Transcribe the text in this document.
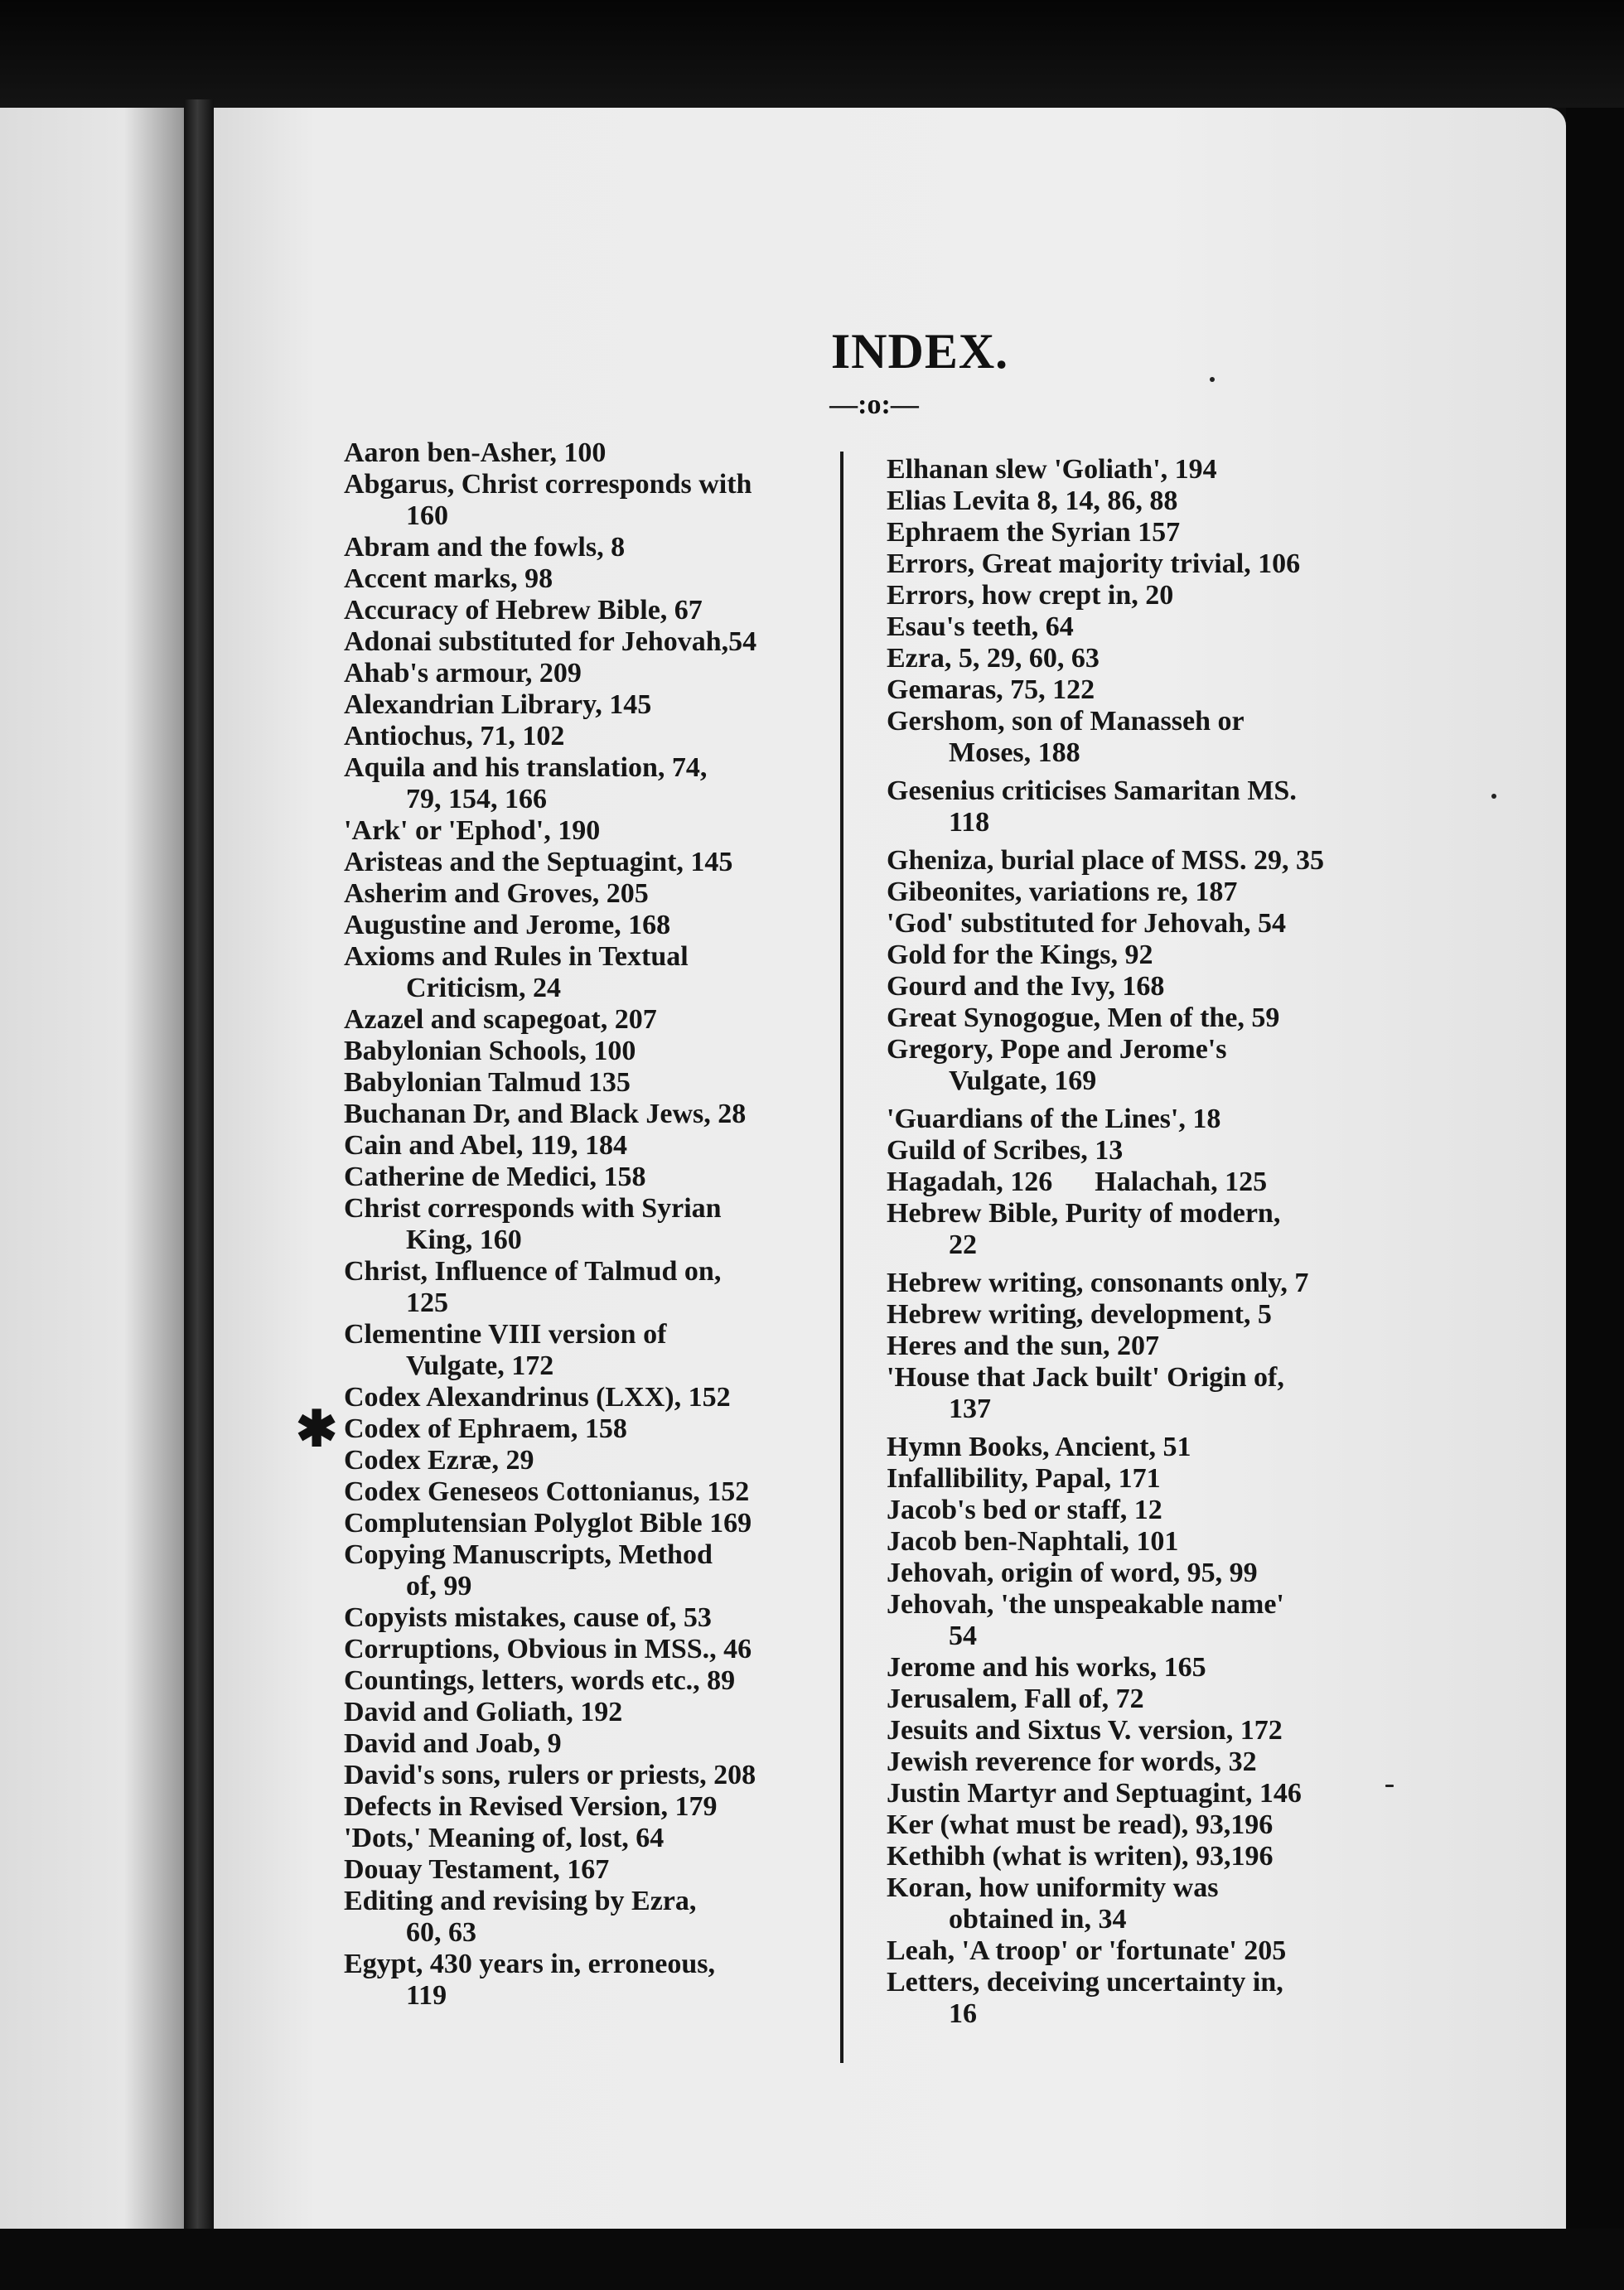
INDEX.
—:o:—
✱
Aaron ben-Asher, 100
Abgarus, Christ corresponds with
160
Abram and the fowls, 8
Accent marks, 98
Accuracy of Hebrew Bible, 67
Adonai substituted for Jehovah,54
Ahab's armour, 209
Alexandrian Library, 145
Antiochus, 71, 102
Aquila and his translation, 74,
79, 154, 166
'Ark' or 'Ephod', 190
Aristeas and the Septuagint, 145
Asherim and Groves, 205
Augustine and Jerome, 168
Axioms and Rules in Textual
Criticism, 24
Azazel and scapegoat, 207
Babylonian Schools, 100
Babylonian Talmud 135
Buchanan Dr, and Black Jews, 28
Cain and Abel, 119, 184
Catherine de Medici, 158
Christ corresponds with Syrian
King, 160
Christ, Influence of Talmud on,
125
Clementine VIII version of
Vulgate, 172
Codex Alexandrinus (LXX), 152
Codex of Ephraem, 158
Codex Ezræ, 29
Codex Geneseos Cottonianus, 152
Complutensian Polyglot Bible 169
Copying Manuscripts, Method
of, 99
Copyists mistakes, cause of, 53
Corruptions, Obvious in MSS., 46
Countings, letters, words etc., 89
David and Goliath, 192
David and Joab, 9
David's sons, rulers or priests, 208
Defects in Revised Version, 179
'Dots,' Meaning of, lost, 64
Douay Testament, 167
Editing and revising by Ezra,
60, 63
Egypt, 430 years in, erroneous,
119
Elhanan slew 'Goliath', 194
Elias Levita 8, 14, 86, 88
Ephraem the Syrian 157
Errors, Great majority trivial, 106
Errors, how crept in, 20
Esau's teeth, 64
Ezra, 5, 29, 60, 63
Gemaras, 75, 122
Gershom, son of Manasseh or
Moses, 188
Gesenius criticises Samaritan MS.
118
Gheniza, burial place of MSS. 29, 35
Gibeonites, variations re, 187
'God' substituted for Jehovah, 54
Gold for the Kings, 92
Gourd and the Ivy, 168
Great Synogogue, Men of the, 59
Gregory, Pope and Jerome's
Vulgate, 169
'Guardians of the Lines', 18
Guild of Scribes, 13
Hagadah, 126      Halachah, 125
Hebrew Bible, Purity of modern,
22
Hebrew writing, consonants only, 7
Hebrew writing, development, 5
Heres and the sun, 207
'House that Jack built' Origin of,
137
Hymn Books, Ancient, 51
Infallibility, Papal, 171
Jacob's bed or staff, 12
Jacob ben-Naphtali, 101
Jehovah, origin of word, 95, 99
Jehovah, 'the unspeakable name'
54
Jerome and his works, 165
Jerusalem, Fall of, 72
Jesuits and Sixtus V. version, 172
Jewish reverence for words, 32
Justin Martyr and Septuagint, 146
Ker (what must be read), 93,196
Kethibh (what is writen), 93,196
Koran, how uniformity was
obtained in, 34
Leah, 'A troop' or 'fortunate' 205
Letters, deceiving uncertainty in,
16
